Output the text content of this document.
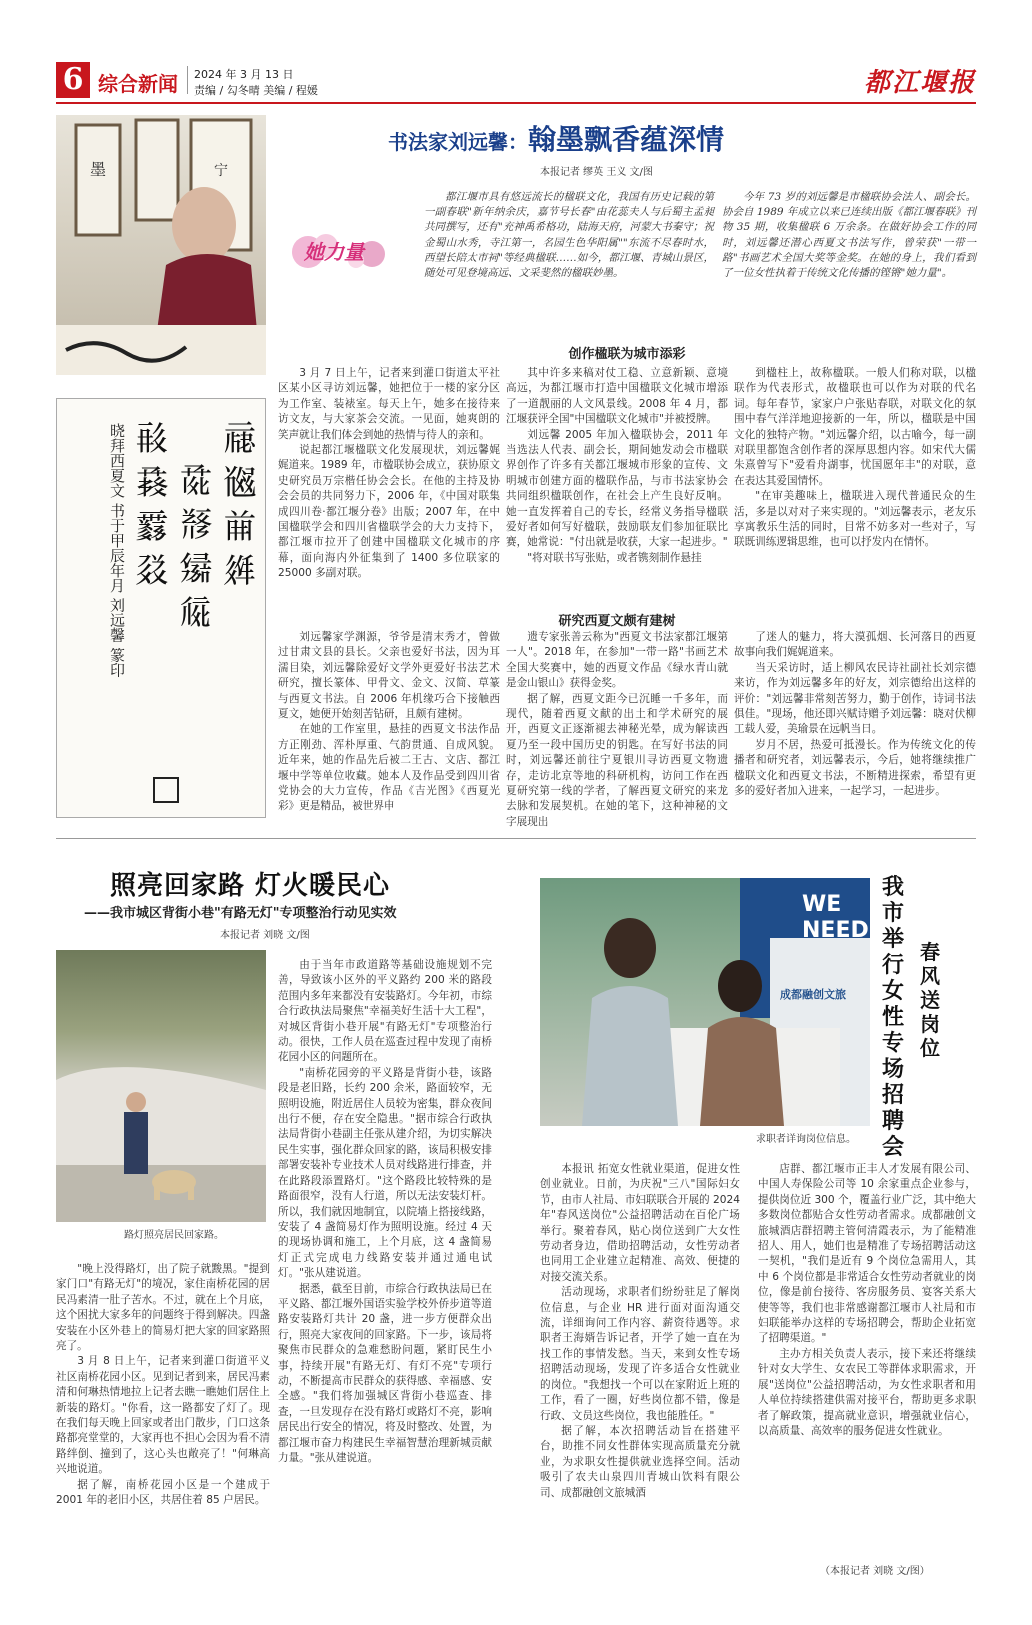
6 综合新闻 2024 年 3 月 13 日
责编 / 勾冬晴 美编 / 程媛	都江堰报
墨	宁
书法家刘远馨：翰墨飘香蕴深情
本报记者 缪英 王义 文/图
她力量
都江堰市具有悠远流长的楹联文化，我国有历史记载的第一副春联"新年纳余庆，嘉节号长春"由花蕊夫人与后蜀主孟昶共同撰写，还有"充神禹希格功，陆海天府，河蒙大书秦守；祝金蜀山水秀，寺江第一，名园生色华阳属""东流不尽春时水，西望长陪太市祠"等经典楹联……如今，都江堰、青城山景区，随处可见登境高远、文采斐然的楹联妙墨。
今年 73 岁的刘远馨是市楹联协会法人、副会长。协会自 1989 年成立以来已连续出版《都江堰春联》刊物 35 期，收集楹联 6 万余条。在做好协会工作的同时，刘远馨还潜心西夏文书法写作，曾荣获"一带一路"书画艺术全国大奖等金奖。在她的身上，我们看到了一位女性执着于传统文化传播的铿锵"她力量"。
创作楹联为城市添彩

3 月 7 日上午，记者来到灌口街道太平社区某小区寻访刘远馨，她把位于一楼的家分区为工作室、装裱室。每天上午，她多在接待来访文友，与大家茶会交流。一见面，她爽朗的笑声就让我们体会到她的热情与待人的亲和。

说起都江堰楹联文化发展现状，刘远馨娓娓道来。1989 年，市楹联协会成立，获协原文史研究员万宗楷任协会会长。在他的主持及协会会员的共同努力下，2006 年，《中国对联集成四川卷·都江堰分卷》出版；2007 年，在中国楹联学会和四川省楹联学会的大力支持下，都江堰市拉开了创建中国楹联文化城市的序幕，面向海内外征集到了 1400 多位联家的 25000 多副对联。

其中许多来稿对仗工稳、立意新颖、意境高远，为都江堰市打造中国楹联文化城市增添了一道靓丽的人文风景线。2008 年 4 月，都江堰获评全国"中国楹联文化城市"并被授牌。

刘远馨 2005 年加入楹联协会，2011 年当选法人代表、副会长，期间她发动会市楹联界创作了许多有关都江堰城市形象的宣传、文明城市创建方面的楹联作品，与市书法家协会共同组织楹联创作，在社会上产生良好反响。她一直发挥着自己的专长，经常义务指导楹联爱好者如何写好楹联，鼓励联友们参加征联比赛，她常说："付出就是收获，大家一起进步。"

"将对联书写张贴，或者镌刻制作悬挂

到楹柱上，故称楹联。一般人们称对联，以楹联作为代表形式，故楹联也可以作为对联的代名词。每年春节，家家户户张贴春联，对联文化的氛围中春气洋洋地迎接新的一年，所以，楹联是中国文化的独特产物。"刘远馨介绍，以古喻今，每一副对联里都饱含创作者的深厚思想内容。如宋代大儒朱熹曾写下"爱看舟湖事，忧国愿年丰"的对联，意在表达其爱国情怀。

"在审美趣味上，楹联进入现代普通民众的生活，多是以对对子来实现的。"刘远馨表示，老友乐享寓教乐生活的同时，目常不妨多对一些对子，写联既训练逻辑思维，也可以抒发内在情怀。

研究西夏文颇有建树

刘远馨家学渊源，爷爷是清末秀才，曾做过甘肃文县的县长。父亲也爱好书法，因为耳濡目染，刘远馨除爱好文学外更爱好书法艺术研究，擅长篆体、甲骨文、金文、汉简、草篆与西夏文书法。自 2006 年机缘巧合下接触西夏文，她便开始刻苦钻研，且颇有建树。

在她的工作室里，悬挂的西夏文书法作品方正刚劲、浑朴厚重、气韵贯通、自成风貌。近年来，她的作品先后被二王古、文店、都江堰中学等单位收藏。她本人及作品受到四川省党协会的大力宣传，作品《吉光图》《西夏光彩》更是精品，被世界申

遗专家张善云称为"西夏文书法家都江堰第一人"。2018 年，在参加"一带一路"书画艺术全国大奖赛中，她的西夏文作品《绿水青山就是金山银山》获得金奖。

据了解，西夏文距今已沉睡一千多年，而现代，随着西夏文献的出土和学术研究的展开，西夏文正逐渐褪去神秘光晕，成为解读西夏乃至一段中国历史的钥匙。在写好书法的同时，刘远馨还前往宁夏银川寻访西夏文物遗存，走访北京等地的科研机构，访问工作在西夏研究第一线的学者，了解西夏文研究的来龙去脉和发展契机。在她的笔下，这种神秘的文字展现出

了迷人的魅力，将大漠孤烟、长河落日的西夏故事向我们娓娓道来。

当天采访时，适上柳风农民诗社副社长刘宗德来访，作为刘远馨多年的好友，刘宗德给出这样的评价："刘远馨非常刻苦努力，勤于创作，诗词书法俱佳。"现场，他还即兴赋诗赠予刘远馨：晓对伏柳工载人爱，美瑜景在远帆当日。

岁月不居，热爱可抵漫长。作为传统文化的传播者和研究者，刘远馨表示，今后，她将继续推广楹联文化和西夏文书法，不断精进探索，希望有更多的爱好者加入进来，一起学习，一起进步。

𗄊𗯆𗐺𗤶
𗱕𘃡𗋥𗏁
𗷰𗱢𗵫𗳦
晓拜西夏文 书于甲辰年月 刘远馨 篆印
照亮回家路 灯火暖民心
——我市城区背街小巷"有路无灯"专项整治行动见实效
本报记者 刘晓 文/图
路灯照亮居民回家路。

"晚上没得路灯，出了院子就黢黑。"提到家门口"有路无灯"的境况，家住南桥花园的居民冯素清一肚子苦水。不过，就在上个月底，这个困扰大家多年的问题终于得到解决。四盏安装在小区外巷上的简易灯把大家的回家路照亮了。

3 月 8 日上午，记者来到灌口街道平义社区南桥花园小区。见到记者到来，居民冯素清和何琳热情地拉上记者去瞧一瞧她们居住上新装的路灯。"你看，这一路都安了灯了。现在我们每天晚上回家或者出门散步，门口这条路都亮堂堂的，大家再也不担心会因为看不清路绊倒、撞到了，这心头也敞亮了！"何琳高兴地说道。

据了解，南桥花园小区是一个建成于 2001 年的老旧小区，共居住着 85 户居民。

由于当年市政道路等基础设施规划不完善，导致该小区外的平义路约 200 米的路段范围内多年来都没有安装路灯。今年初，市综合行政执法局聚焦"幸福美好生活十大工程"，对城区背街小巷开展"有路无灯"专项整治行动。很快，工作人员在巡查过程中发现了南桥花园小区的问题所在。

"南桥花园旁的平义路是背街小巷，该路段是老旧路，长约 200 余米，路面较窄，无照明设施，附近居住人员较为密集，群众夜间出行不便，存在安全隐患。"据市综合行政执法局背街小巷副主任张从建介绍，为切实解决民生实事，强化群众回家的路，该局积极安排部署安装补专业技术人员对线路进行排查，并在此路段添置路灯。"这个路段比较特殊的是路面很窄，没有人行道，所以无法安装灯杆。所以，我们就因地制宜，以院墙上搭接线路，安装了 4 盏简易灯作为照明设施。经过 4 天的现场协调和施工，上个月底，这 4 盏简易灯正式完成电力线路安装并通过通电试灯。"张从建说道。

据悉，截至目前，市综合行政执法局已在平义路、都江堰外国语实验学校外侨步道等道路安装路灯共计 20 盏，进一步方便群众出行，照亮大家夜间的回家路。下一步，该局将聚焦市民群众的急难愁盼问题，紧盯民生小事，持续开展"有路无灯、有灯不亮"专项行动，不断提高市民群众的获得感、幸福感、安全感。"我们将加强城区背街小巷巡查、排查，一旦发现存在没有路灯或路灯不亮，影响居民出行安全的情况，将及时整改、处置，为都江堰市奋力构建民生幸福智慧治理新城贡献力量。"张从建说道。

WE NEED
成都融创文旅
求职者详询岗位信息。
我市举行女性专场招聘会
春风送岗位

本报讯 拓宽女性就业渠道，促进女性创业就业。日前，为庆祝"三八"国际妇女节，由市人社局、市妇联联合开展的 2024 年"春风送岗位"公益招聘活动在百伦广场举行。聚着春风，贴心岗位送到广大女性劳动者身边，借助招聘活动，女性劳动者也同用工企业建立起精准、高效、便捷的对接交流关系。

活动现场，求职者们纷纷驻足了解岗位信息，与企业 HR 进行面对面沟通交流，详细询问工作内容、薪资待遇等。求职者王海婿告诉记者，开学了她一直在为找工作的事情发愁。当天，来到女性专场招聘活动现场，发现了许多适合女性就业的岗位。"我想找一个可以在家附近上班的工作，看了一圈，好些岗位都不错，像是行政、文员这些岗位，我也能胜任。"

据了解，本次招聘活动旨在搭建平台，助推不同女性群体实现高质量充分就业，为求职女性提供就业选择空间。活动吸引了农夫山泉四川青城山饮料有限公司、成都融创文旅城酒

店群、都江堰市正丰人才发展有限公司、中国人寿保险公司等 10 余家重点企业参与，提供岗位近 300 个，覆盖行业广泛，其中绝大多数岗位都贴合女性劳动者需求。成都融创文旅城酒店群招聘主管何清霞表示，为了能精准招人、用人，她们也是精准了专场招聘活动这一契机，"我们是近有 9 个岗位急需用人，其中 6 个岗位都是非常适合女性劳动者就业的岗位，像是前台接待、客房服务员、宴客关系大使等等，我们也非常感谢都江堰市人社局和市妇联能举办这样的专场招聘会，帮助企业拓宽了招聘渠道。"

主办方相关负责人表示，接下来还将继续针对女大学生、女农民工等群体求职需求，开展"送岗位"公益招聘活动，为女性求职者和用人单位持续搭建供需对接平台，帮助更多求职者了解政策，提高就业意识，增强就业信心，以高质量、高效率的服务促进女性就业。

（本报记者 刘晓 文/图）
